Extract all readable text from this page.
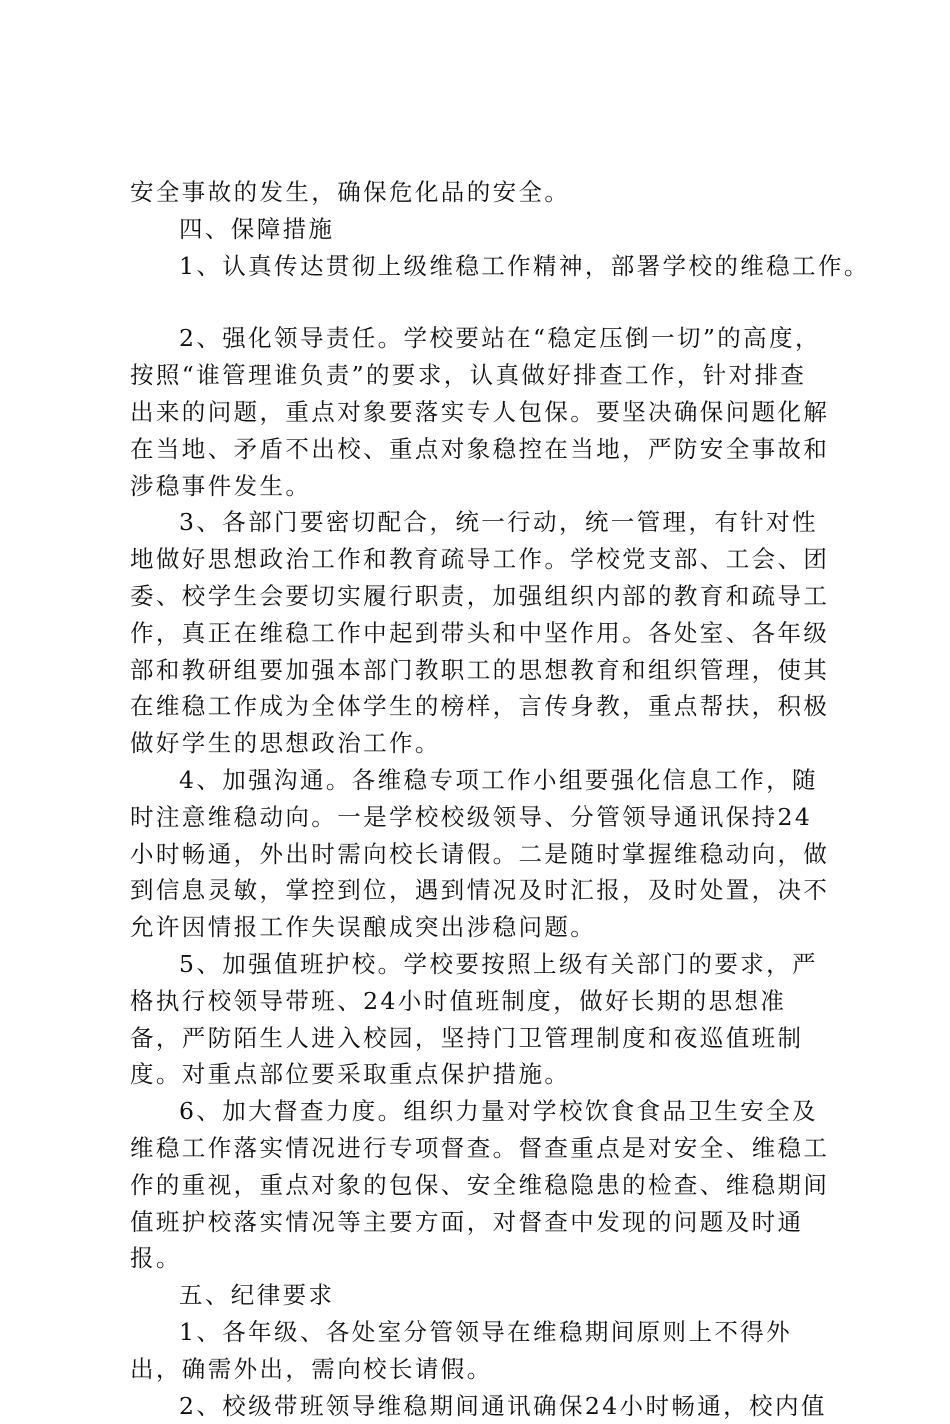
安全事故的发生，确保危化品的安全。

四、保障措施

1、认真传达贯彻上级维稳工作精神，部署学校的维稳工作。

2、强化领导责任。学校要站在“稳定压倒一切”的高度，按照“谁管理谁负责”的要求，认真做好排查工作，针对排查出来的问题，重点对象要落实专人包保。要坚决确保问题化解在当地、矛盾不出校、重点对象稳控在当地，严防安全事故和涉稳事件发生。

3、各部门要密切配合，统一行动，统一管理，有针对性地做好思想政治工作和教育疏导工作。学校党支部、工会、团委、校学生会要切实履行职责，加强组织内部的教育和疏导工作，真正在维稳工作中起到带头和中坚作用。各处室、各年级部和教研组要加强本部门教职工的思想教育和组织管理，使其在维稳工作成为全体学生的榜样，言传身教，重点帮扶，积极做好学生的思想政治工作。

4、加强沟通。各维稳专项工作小组要强化信息工作，随时注意维稳动向。一是学校校级领导、分管领导通讯保持24小时畅通，外出时需向校长请假。二是随时掌握维稳动向，做到信息灵敏，掌控到位，遇到情况及时汇报，及时处置，决不允许因情报工作失误酿成突出涉稳问题。

5、加强值班护校。学校要按照上级有关部门的要求，严格执行校领导带班、24小时值班制度，做好长期的思想准备，严防陌生人进入校园，坚持门卫管理制度和夜巡值班制度。对重点部位要采取重点保护措施。

6、加大督查力度。组织力量对学校饮食食品卫生安全及维稳工作落实情况进行专项督查。督查重点是对安全、维稳工作的重视，重点对象的包保、安全维稳隐患的检查、维稳期间值班护校落实情况等主要方面，对督查中发现的问题及时通报。

五、纪律要求

1、各年级、各处室分管领导在维稳期间原则上不得外出，确需外出，需向校长请假。

2、校级带班领导维稳期间通讯确保24小时畅通，校内值
